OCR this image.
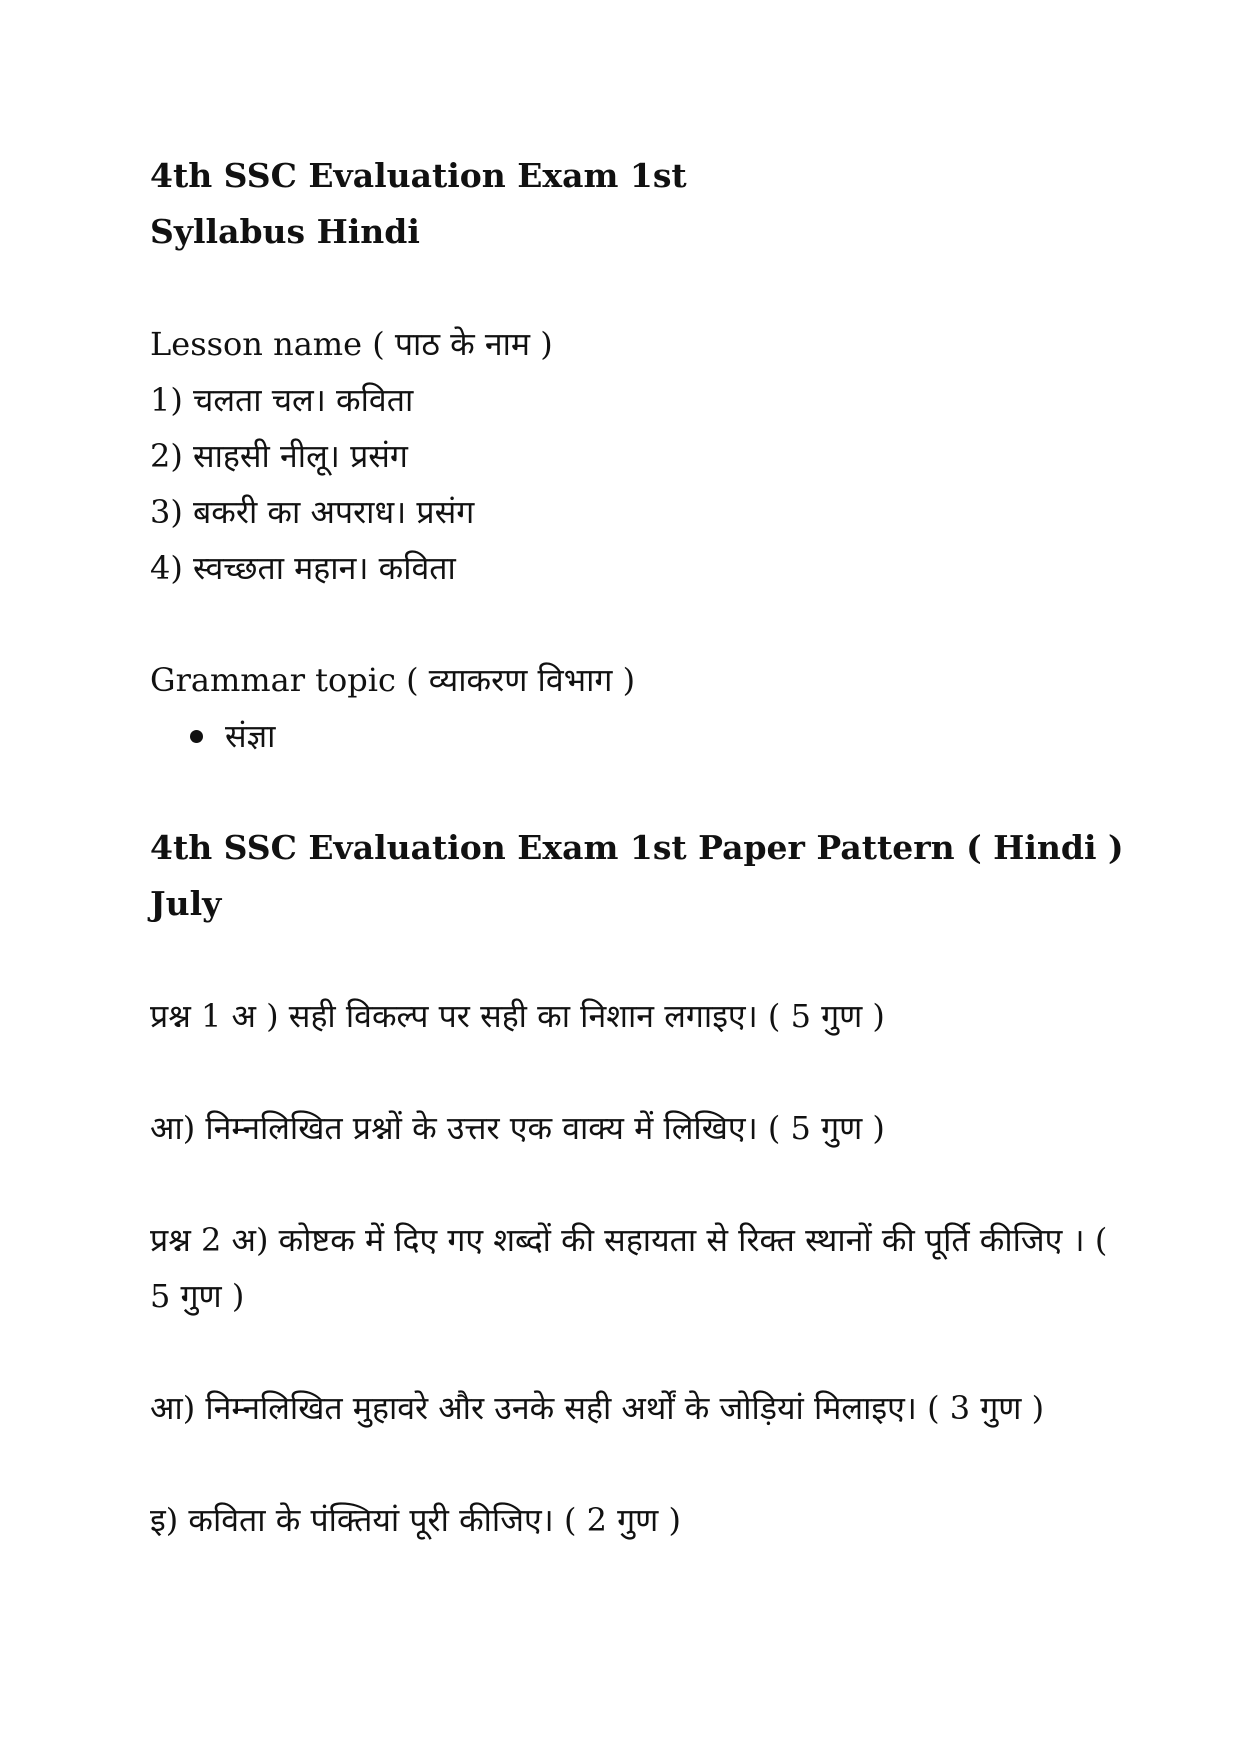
4th SSC Evaluation Exam 1st
Syllabus Hindi

Lesson name ( पाठ के नाम )

1) चलता चल। कविता

2) साहसी नीलू। प्रसंग

3) बकरी का अपराध। प्रसंग

4) स्वच्छता महान। कविता

Grammar topic ( व्याकरण विभाग )

संज्ञा
4th SSC Evaluation Exam 1st Paper Pattern ( Hindi ) July

प्रश्न 1 अ ) सही विकल्प पर सही का निशान लगाइए। ( 5 गुण )

आ) निम्नलिखित प्रश्नों के उत्तर एक वाक्य में लिखिए। ( 5 गुण )

प्रश्न 2 अ) कोष्टक में दिए गए शब्दों की सहायता से रिक्त स्थानों की पूर्ति कीजिए । ( 5 गुण )

आ) निम्नलिखित मुहावरे और उनके सही अर्थों के जोड़ियां मिलाइए। ( 3 गुण )

इ) कविता के पंक्तियां पूरी कीजिए। ( 2 गुण )
